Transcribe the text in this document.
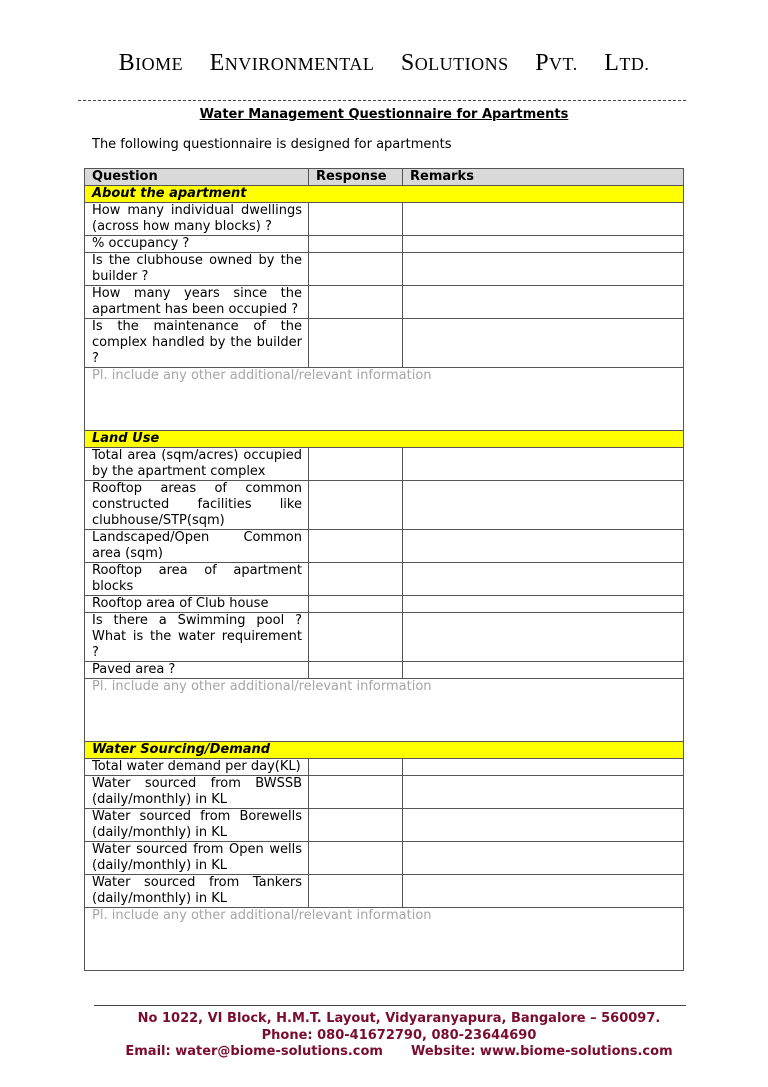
BIOME ENVIRONMENTAL SOLUTIONS PVT. LTD.
Water Management Questionnaire for Apartments
The following questionnaire is designed for apartments
Question	Response	Remarks
About the apartment		
How many individual dwellings (across how many blocks) ?		
% occupancy ?		
Is the clubhouse owned by the builder ?		
How many years since the apartment has been occupied ?		
Is the maintenance of the complex handled by the builder ?		
Pl. include any other additional/relevant information		
Land Use		
Total area (sqm/acres) occupied by the apartment complex		
Rooftop areas of common constructed facilities like clubhouse/STP(sqm)		
Landscaped/Open Common area (sqm)		
Rooftop area of apartment blocks		
Rooftop area of Club house		
Is there a Swimming pool ? What is the water requirement ?		
Paved area ?		
Pl. include any other additional/relevant information		
Water Sourcing/Demand		
Total water demand per day(KL)		
Water sourced from BWSSB (daily/monthly) in KL		
Water sourced from Borewells (daily/monthly) in KL		
Water sourced from Open wells (daily/monthly) in KL		
Water sourced from Tankers (daily/monthly) in KL		
Pl. include any other additional/relevant information		
No 1022, VI Block, H.M.T. Layout, Vidyaranyapura, Bangalore – 560097.
Phone: 080-41672790, 080-23644690
Email: water@biome-solutions.com Website: www.biome-solutions.com
